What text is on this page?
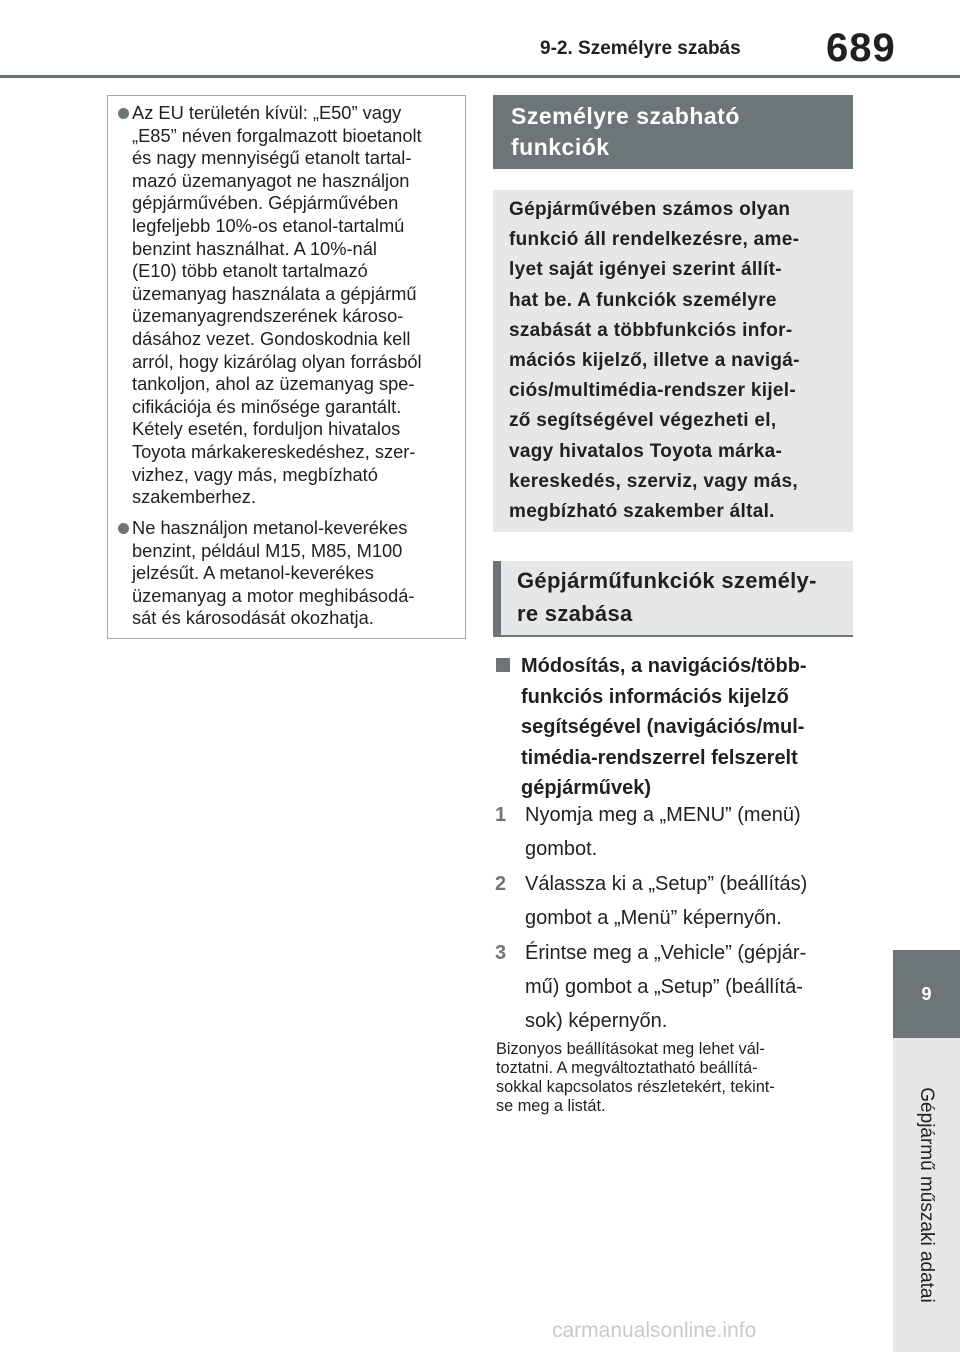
9-2. Személyre szabás 689
9
Gépjármű műszaki adatai
Az EU területén kívül: „E50” vagy
„E85” néven forgalmazott bioetanolt
és nagy mennyiségű etanolt tartal-
mazó üzemanyagot ne használjon
gépjárművében. Gépjárművében
legfeljebb 10%-os etanol-tartalmú
benzint használhat. A 10%-nál
(E10) több etanolt tartalmazó
üzemanyag használata a gépjármű
üzemanyagrendszerének károso-
dásához vezet. Gondoskodnia kell
arról, hogy kizárólag olyan forrásból
tankoljon, ahol az üzemanyag spe-
cifikációja és minősége garantált.
Kétely esetén, forduljon hivatalos
Toyota márkakereskedéshez, szer-
vizhez, vagy más, megbízható
szakemberhez.
Ne használjon metanol-keverékes
benzint, például M15, M85, M100
jelzésűt. A metanol-keverékes
üzemanyag a motor meghibásodá-
sát és károsodását okozhatja.
Személyre szabható
funkciók
Gépjárművében számos olyan
funkció áll rendelkezésre, ame-
lyet saját igényei szerint állít-
hat be. A funkciók személyre
szabását a többfunkciós infor-
mációs kijelző, illetve a navigá-
ciós/multimédia-rendszer kijel-
ző segítségével végezheti el,
vagy hivatalos Toyota márka-
kereskedés, szerviz, vagy más,
megbízható szakember által.
Gépjárműfunkciók személy-
re szabása
Módosítás, a navigációs/több-
funkciós információs kijelző
segítségével (navigációs/mul-
timédia-rendszerrel felszerelt
gépjárművek)
1 Nyomja meg a „MENU” (menü)
gombot.
2 Válassza ki a „Setup” (beállítás)
gombot a „Menü” képernyőn.
3 Érintse meg a „Vehicle” (gépjár-
mű) gombot a „Setup” (beállítá-
sok) képernyőn.
Bizonyos beállításokat meg lehet vál-
toztatni. A megváltoztatható beállítá-
sokkal kapcsolatos részletekért, tekint-
se meg a listát.
carmanualsonline.info
